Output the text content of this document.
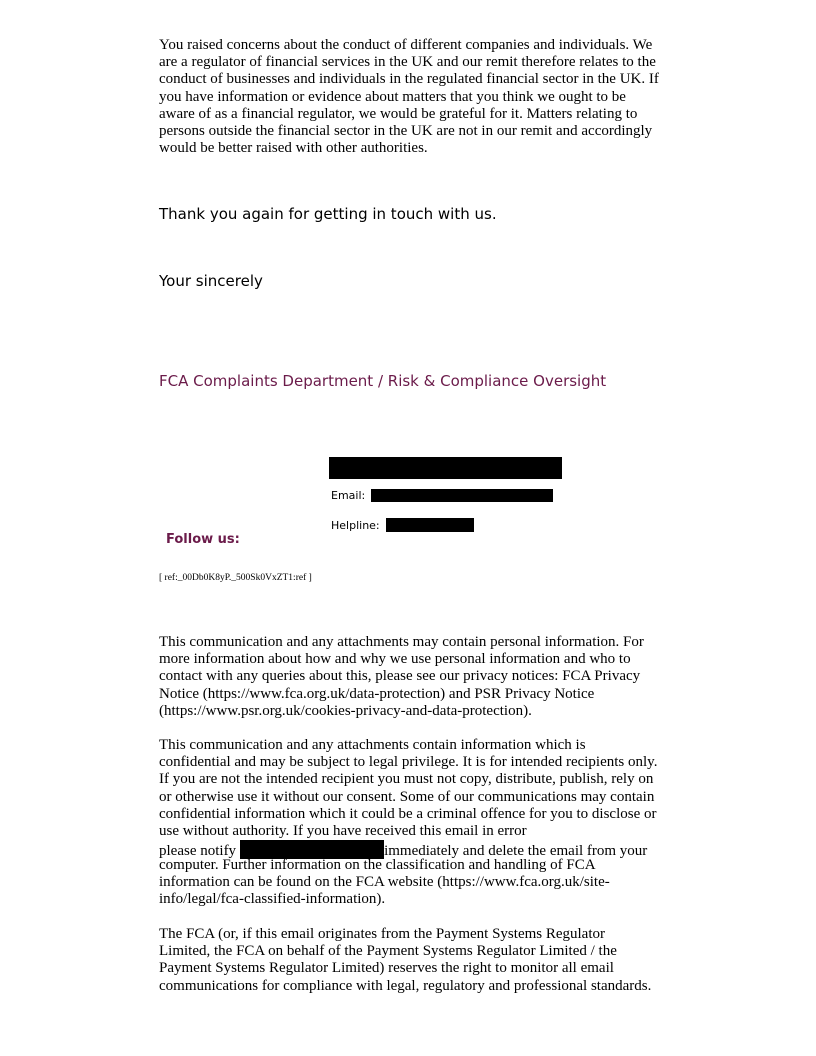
You raised concerns about the conduct of different companies and individuals. We are a regulator of financial services in the UK and our remit therefore relates to the conduct of businesses and individuals in the regulated financial sector in the UK. If you have information or evidence about matters that you think we ought to be aware of as a financial regulator, we would be grateful for it. Matters relating to persons outside the financial sector in the UK are not in our remit and accordingly would be better raised with other authorities.

Thank you again for getting in touch with us.

Your sincerely

FCA Complaints Department / Risk & Compliance Oversight

Email:
Helpline:
Follow us:
[ ref:_00Db0K8yP._500Sk0VxZT1:ref ]

This communication and any attachments may contain personal information. For more information about how and why we use personal information and who to contact with any queries about this, please see our privacy notices: FCA Privacy Notice (https://www.fca.org.uk/data-protection) and PSR Privacy Notice (https://www.psr.org.uk/cookies-privacy-and-data-protection).

This communication and any attachments contain information which is confidential and may be subject to legal privilege. It is for intended recipients only. If you are not the intended recipient you must not copy, distribute, publish, rely on or otherwise use it without our consent. Some of our communications may contain confidential information which it could be a criminal offence for you to disclose or use without authority. If you have received this email in error

please notify	immediately and delete the email from your

computer. Further information on the classification and handling of FCA information can be found on the FCA website (https://www.fca.org.uk/site-info/legal/fca-classified-information).

The FCA (or, if this email originates from the Payment Systems Regulator Limited, the FCA on behalf of the Payment Systems Regulator Limited / the Payment Systems Regulator Limited) reserves the right to monitor all email communications for compliance with legal, regulatory and professional standards.
